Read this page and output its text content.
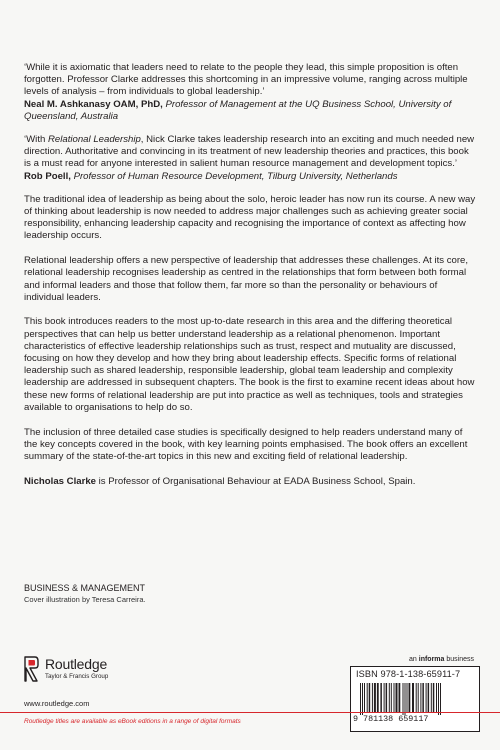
‘While it is axiomatic that leaders need to relate to the people they lead, this simple proposition is often forgotten. Professor Clarke addresses this shortcoming in an impressive volume, ranging across multiple levels of analysis – from individuals to global leadership.’

Neal M. Ashkanasy OAM, PhD, Professor of Management at the UQ Business School, University of Queensland, Australia

‘With Relational Leadership, Nick Clarke takes leadership research into an exciting and much needed new direction. Authoritative and convincing in its treatment of new leadership theories and practices, this book is a must read for anyone interested in salient human resource management and development topics.’

Rob Poell, Professor of Human Resource Development, Tilburg University, Netherlands

The traditional idea of leadership as being about the solo, heroic leader has now run its course. A new way of thinking about leadership is now needed to address major challenges such as achieving greater social responsibility, enhancing leadership capacity and recognising the importance of context as affecting how leadership occurs.

Relational leadership offers a new perspective of leadership that addresses these challenges. At its core, relational leadership recognises leadership as centred in the relationships that form between both formal and informal leaders and those that follow them, far more so than the personality or behaviours of individual leaders.

This book introduces readers to the most up-to-date research in this area and the differing theoretical perspectives that can help us better understand leadership as a relational phenomenon. Important characteristics of effective leadership relationships such as trust, respect and mutuality are discussed, focusing on how they develop and how they bring about leadership effects. Specific forms of relational leadership such as shared leadership, responsible leadership, global team leadership and complexity leadership are addressed in subsequent chapters. The book is the first to examine recent ideas about how these new forms of relational leadership are put into practice as well as techniques, tools and strategies available to organisations to help do so.

The inclusion of three detailed case studies is specifically designed to help readers understand many of the key concepts covered in the book, with key learning points emphasised. The book offers an excellent summary of the state-of-the-art topics in this new and exciting field of relational leadership.

Nicholas Clarke is Professor of Organisational Behaviour at EADA Business School, Spain.

BUSINESS & MANAGEMENT
Cover illustration by Teresa Carreira.
Routledge
Taylor & Francis Group
www.routledge.com
an informa business
ISBN 978-1-138-65911-7
9 781138 659117
Routledge titles are available as eBook editions in a range of digital formats
